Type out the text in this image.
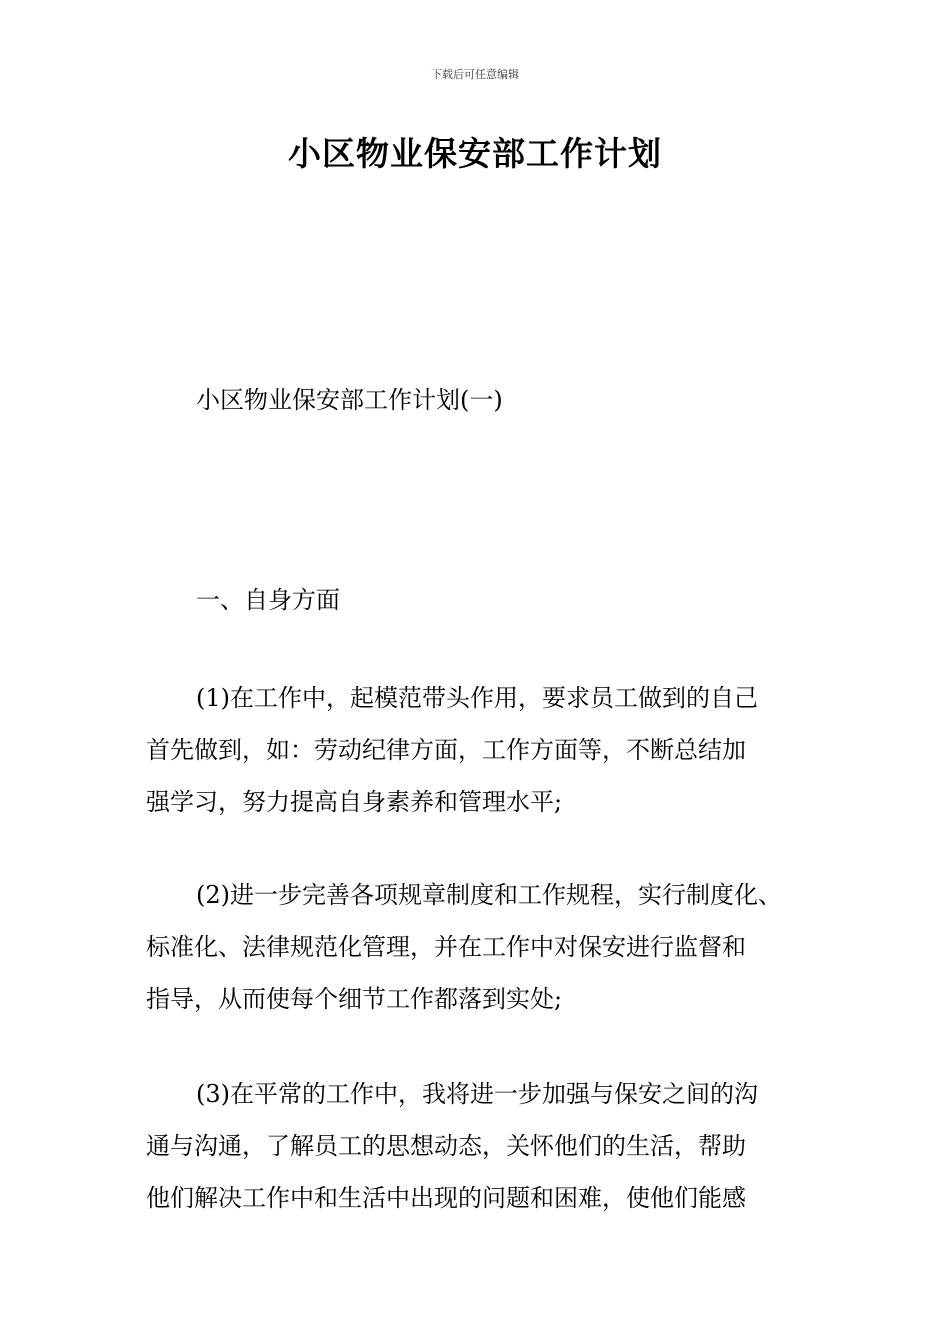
下载后可任意编辑
小区物业保安部工作计划
小区物业保安部工作计划(一)
一、自身方面
(1)在工作中，起模范带头作用，要求员工做到的自己
首先做到，如：劳动纪律方面，工作方面等，不断总结加
强学习，努力提高自身素养和管理水平;
(2)进一步完善各项规章制度和工作规程，实行制度化、
标准化、法律规范化管理，并在工作中对保安进行监督和
指导，从而使每个细节工作都落到实处;
(3)在平常的工作中，我将进一步加强与保安之间的沟
通与沟通，了解员工的思想动态，关怀他们的生活，帮助
他们解决工作中和生活中出现的问题和困难，使他们能感
